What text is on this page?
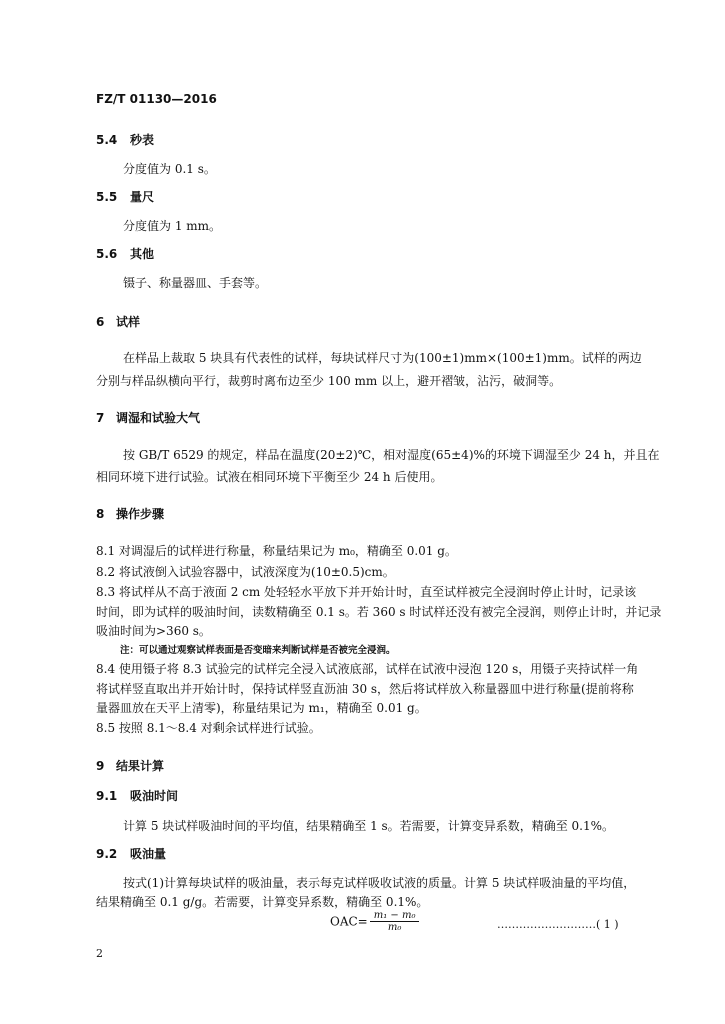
FZ/T 01130—2016
5.4 秒表
分度值为 0.1 s。
5.5 量尺
分度值为 1 mm。
5.6 其他
镊子、称量器皿、手套等。
6 试样
在样品上裁取 5 块具有代表性的试样，每块试样尺寸为(100±1)mm×(100±1)mm。试样的两边
分别与样品纵横向平行，裁剪时离布边至少 100 mm 以上，避开褶皱，沾污，破洞等。
7 调湿和试验大气
按 GB/T 6529 的规定，样品在温度(20±2)℃，相对湿度(65±4)%的环境下调湿至少 24 h，并且在
相同环境下进行试验。试液在相同环境下平衡至少 24 h 后使用。
8 操作步骤
8.1 对调湿后的试样进行称量，称量结果记为 m₀，精确至 0.01 g。
8.2 将试液倒入试验容器中，试液深度为(10±0.5)cm。
8.3 将试样从不高于液面 2 cm 处轻轻水平放下并开始计时，直至试样被完全浸润时停止计时，记录该
时间，即为试样的吸油时间，读数精确至 0.1 s。若 360 s 时试样还没有被完全浸润，则停止计时，并记录
吸油时间为>360 s。
注：可以通过观察试样表面是否变暗来判断试样是否被完全浸润。
8.4 使用镊子将 8.3 试验完的试样完全浸入试液底部，试样在试液中浸泡 120 s，用镊子夹持试样一角
将试样竖直取出并开始计时，保持试样竖直沥油 30 s，然后将试样放入称量器皿中进行称量(提前将称
量器皿放在天平上清零)，称量结果记为 m₁，精确至 0.01 g。
8.5 按照 8.1～8.4 对剩余试样进行试验。
9 结果计算
9.1 吸油时间
计算 5 块试样吸油时间的平均值，结果精确至 1 s。若需要，计算变异系数，精确至 0.1%。
9.2 吸油量
按式(1)计算每块试样的吸油量，表示每克试样吸收试液的质量。计算 5 块试样吸油量的平均值，
结果精确至 0.1 g/g。若需要，计算变异系数，精确至 0.1%。
$OAC= \frac{\text{m₁ − m₀}}{\text{m₀}}$	………………………( 1 )
2
